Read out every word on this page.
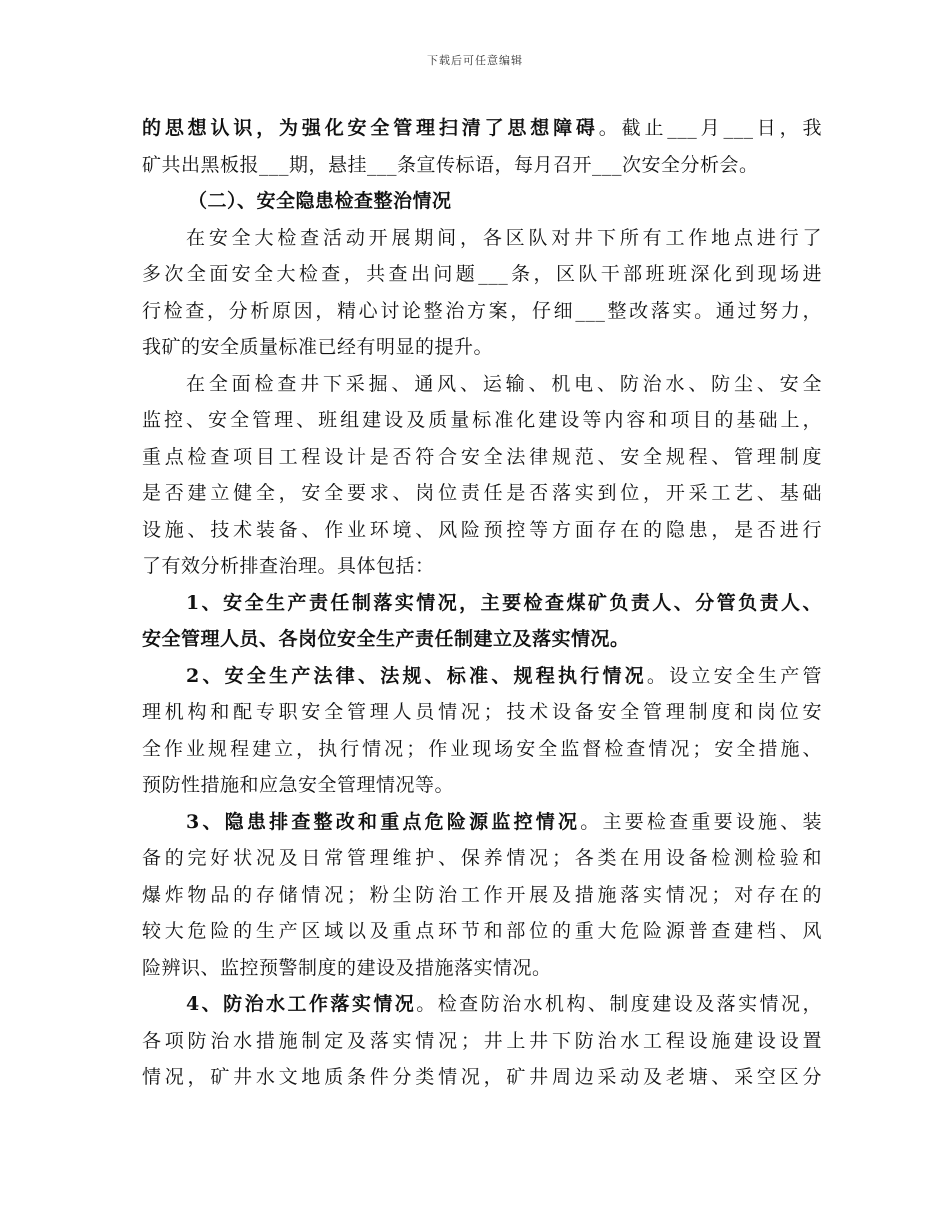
下载后可任意编辑
的思想认识，为强化安全管理扫清了思想障碍。截止___月___日，我
矿共出黑板报___期，悬挂___条宣传标语，每月召开___次安全分析会。
（二）、安全隐患检查整治情况
在安全大检查活动开展期间，各区队对井下所有工作地点进行了
多次全面安全大检查，共查出问题___条，区队干部班班深化到现场进
行检查，分析原因，精心讨论整治方案，仔细___整改落实。通过努力，
我矿的安全质量标准已经有明显的提升。
在全面检查井下采掘、通风、运输、机电、防治水、防尘、安全
监控、安全管理、班组建设及质量标准化建设等内容和项目的基础上，
重点检查项目工程设计是否符合安全法律规范、安全规程、管理制度
是否建立健全，安全要求、岗位责任是否落实到位，开采工艺、基础
设施、技术装备、作业环境、风险预控等方面存在的隐患，是否进行
了有效分析排查治理。具体包括：
1、安全生产责任制落实情况，主要检查煤矿负责人、分管负责人、
安全管理人员、各岗位安全生产责任制建立及落实情况。
2、安全生产法律、法规、标准、规程执行情况。设立安全生产管
理机构和配专职安全管理人员情况；技术设备安全管理制度和岗位安
全作业规程建立，执行情况；作业现场安全监督检查情况；安全措施、
预防性措施和应急安全管理情况等。
3、隐患排查整改和重点危险源监控情况。主要检查重要设施、装
备的完好状况及日常管理维护、保养情况；各类在用设备检测检验和
爆炸物品的存储情况；粉尘防治工作开展及措施落实情况；对存在的
较大危险的生产区域以及重点环节和部位的重大危险源普查建档、风
险辨识、监控预警制度的建设及措施落实情况。
4、防治水工作落实情况。检查防治水机构、制度建设及落实情况，
各项防治水措施制定及落实情况；井上井下防治水工程设施建设设置
情况，矿井水文地质条件分类情况，矿井周边采动及老塘、采空区分
